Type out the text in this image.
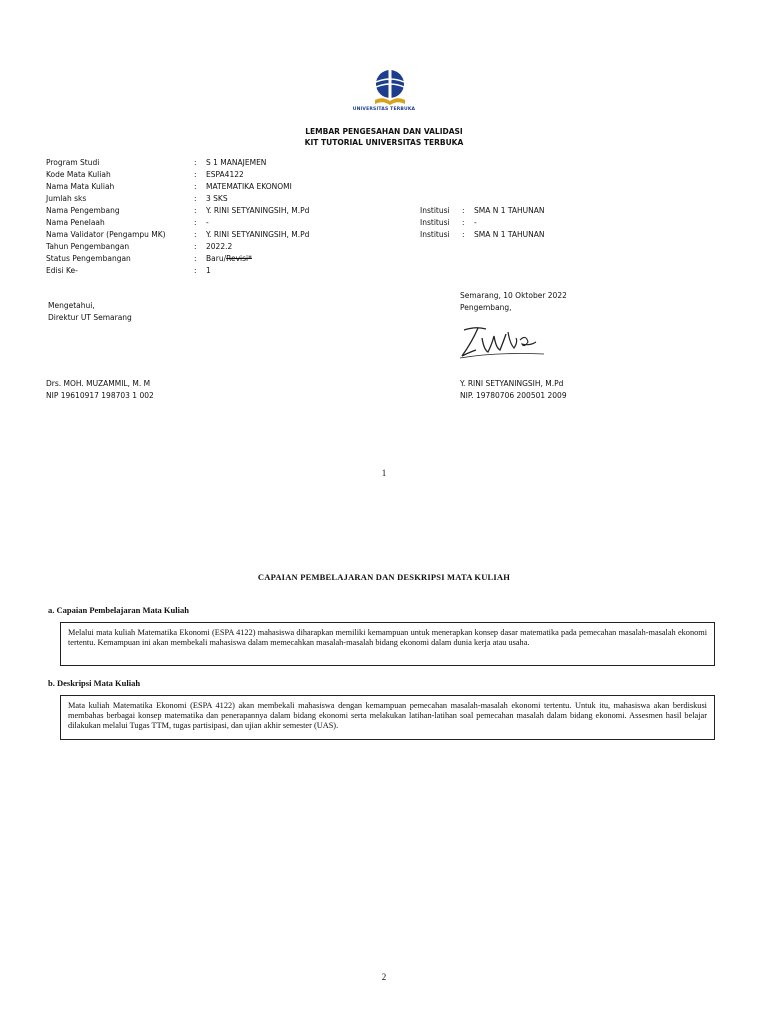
UNIVERSITAS TERBUKA
LEMBAR PENGESAHAN DAN VALIDASI
KIT TUTORIAL UNIVERSITAS TERBUKA
Program Studi	: S 1 MANAJEMEN
Kode Mata Kuliah	: ESPA4122
Nama Mata Kuliah	: MATEMATIKA EKONOMI
Jumlah sks	: 3 SKS
Nama Pengembang	: Y. RINI SETYANINGSIH, M.Pd	Institusi : SMA N 1 TAHUNAN
Nama Penelaah	: -	Institusi : -
Nama Validator (Pengampu MK)	: Y. RINI SETYANINGSIH, M.Pd	Institusi : SMA N 1 TAHUNAN
Tahun Pengembangan	: 2022.2
Status Pengembangan	: Baru/Revisi*
Edisi Ke-	: 1
Mengetahui,
Direktur UT Semarang
Drs. MOH. MUZAMMIL, M. M
NIP 19610917 198703 1 002
Semarang, 10 Oktober 2022
Pengembang,
Y. RINI SETYANINGSIH, M.Pd
NIP. 19780706 200501 2009
1
CAPAIAN PEMBELAJARAN DAN DESKRIPSI MATA KULIAH
a. Capaian Pembelajaran Mata Kuliah
Melalui mata kuliah Matematika Ekonomi (ESPA 4122) mahasiswa diharapkan memiliki kemampuan untuk menerapkan konsep dasar matematika pada pemecahan masalah-masalah ekonomi tertentu. Kemampuan ini akan membekali mahasiswa dalam memecahkan masalah-masalah bidang ekonomi dalam dunia kerja atau usaha.
b. Deskripsi Mata Kuliah
Mata kuliah Matematika Ekonomi (ESPA 4122) akan membekali mahasiswa dengan kemampuan pemecahan masalah-masalah ekonomi tertentu. Untuk itu, mahasiswa akan berdiskusi membahas berbagai konsep matematika dan penerapannya dalam bidang ekonomi serta melakukan latihan-latihan soal pemecahan masalah dalam bidang ekonomi. Assesmen hasil belajar dilakukan melalui Tugas TTM, tugas partisipasi, dan ujian akhir semester (UAS).
2
